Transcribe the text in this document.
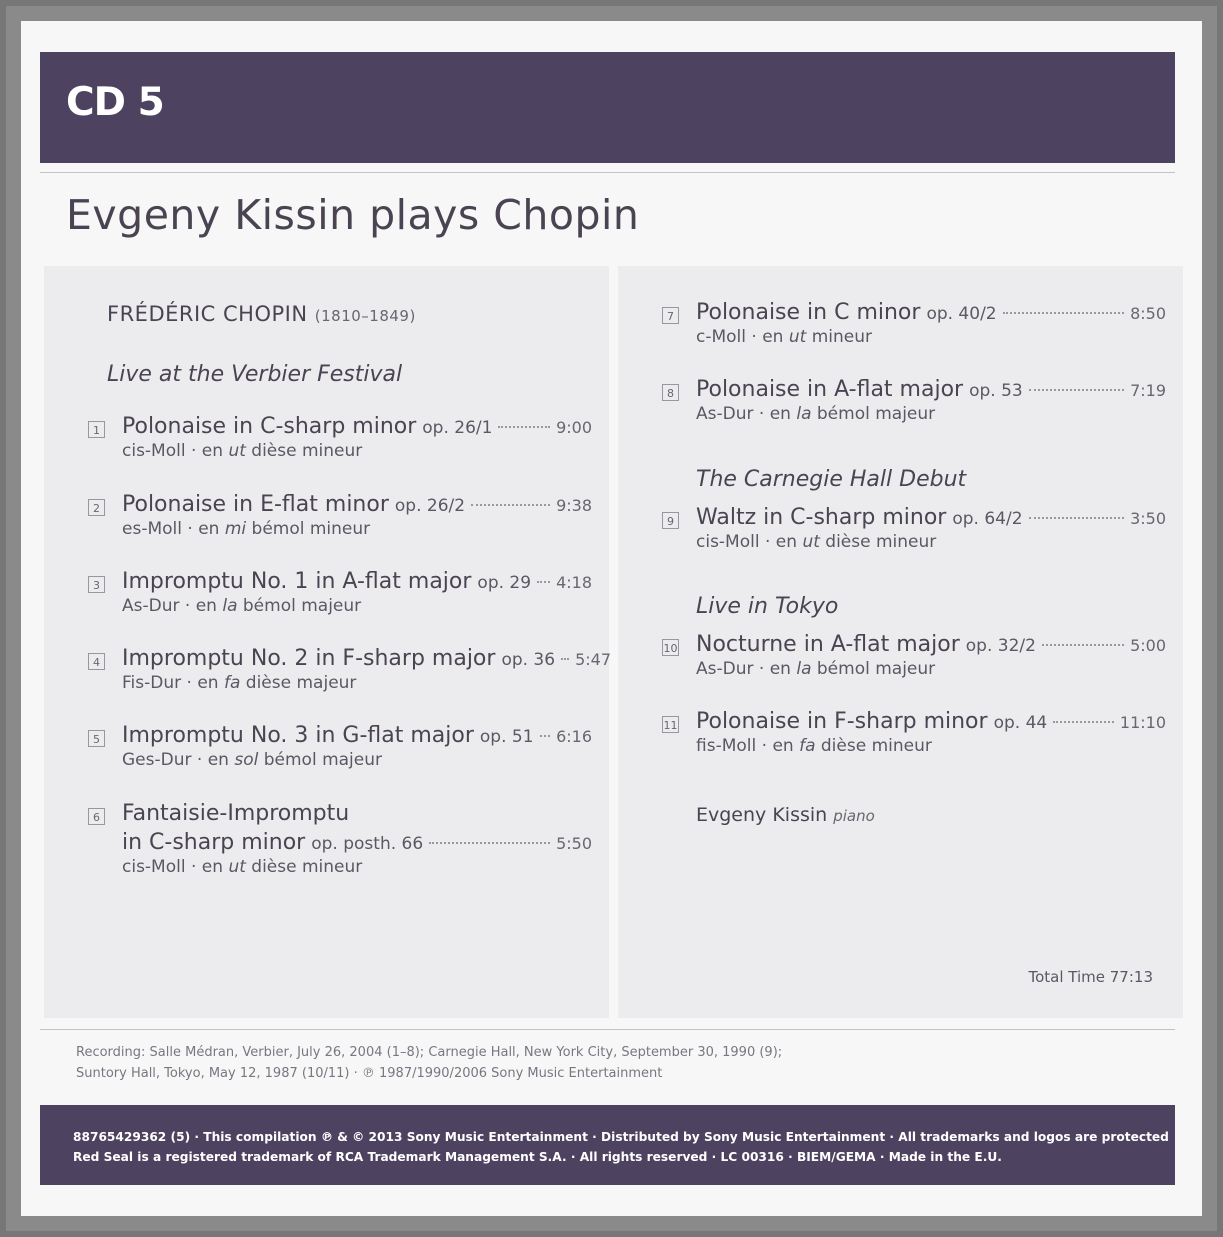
CD 5
Evgeny Kissin plays Chopin
FRÉDÉRIC CHOPIN (1810–1849)
Live at the Verbier Festival
1 Polonaise in C-sharp minor op. 26/1	9:00
cis-Moll · en ut dièse mineur
2 Polonaise in E-flat minor op. 26/2	9:38
es-Moll · en mi bémol mineur
3 Impromptu No. 1 in A-flat major op. 29 4:18
As-Dur · en la bémol majeur
4 Impromptu No. 2 in F-sharp major op. 36 5:47
Fis-Dur · en fa dièse majeur
5 Impromptu No. 3 in G-flat major op. 51 6:16
Ges-Dur · en sol bémol majeur
6 Fantaisie-Impromptu
in C-sharp minor op. posth. 66	5:50
cis-Moll · en ut dièse mineur
7 Polonaise in C minor op. 40/2	8:50
c-Moll · en ut mineur
8 Polonaise in A-flat major op. 53	7:19
As-Dur · en la bémol majeur
The Carnegie Hall Debut
9 Waltz in C-sharp minor op. 64/2	3:50
cis-Moll · en ut dièse mineur
Live in Tokyo
10 Nocturne in A-flat major op. 32/2	5:00
As-Dur · en la bémol majeur
11 Polonaise in F-sharp minor op. 44	11:10
fis-Moll · en fa dièse mineur
Evgeny Kissin piano
Total Time 77:13
Recording: Salle Médran, Verbier, July 26, 2004 (1–8); Carnegie Hall, New York City, September 30, 1990 (9);
Suntory Hall, Tokyo, May 12, 1987 (10/11) · ℗ 1987/1990/2006 Sony Music Entertainment
88765429362 (5) · This compilation ℗ & © 2013 Sony Music Entertainment · Distributed by Sony Music Entertainment · All trademarks and logos are protected
Red Seal is a registered trademark of RCA Trademark Management S.A. · All rights reserved · LC 00316 · BIEM/GEMA · Made in the E.U.
